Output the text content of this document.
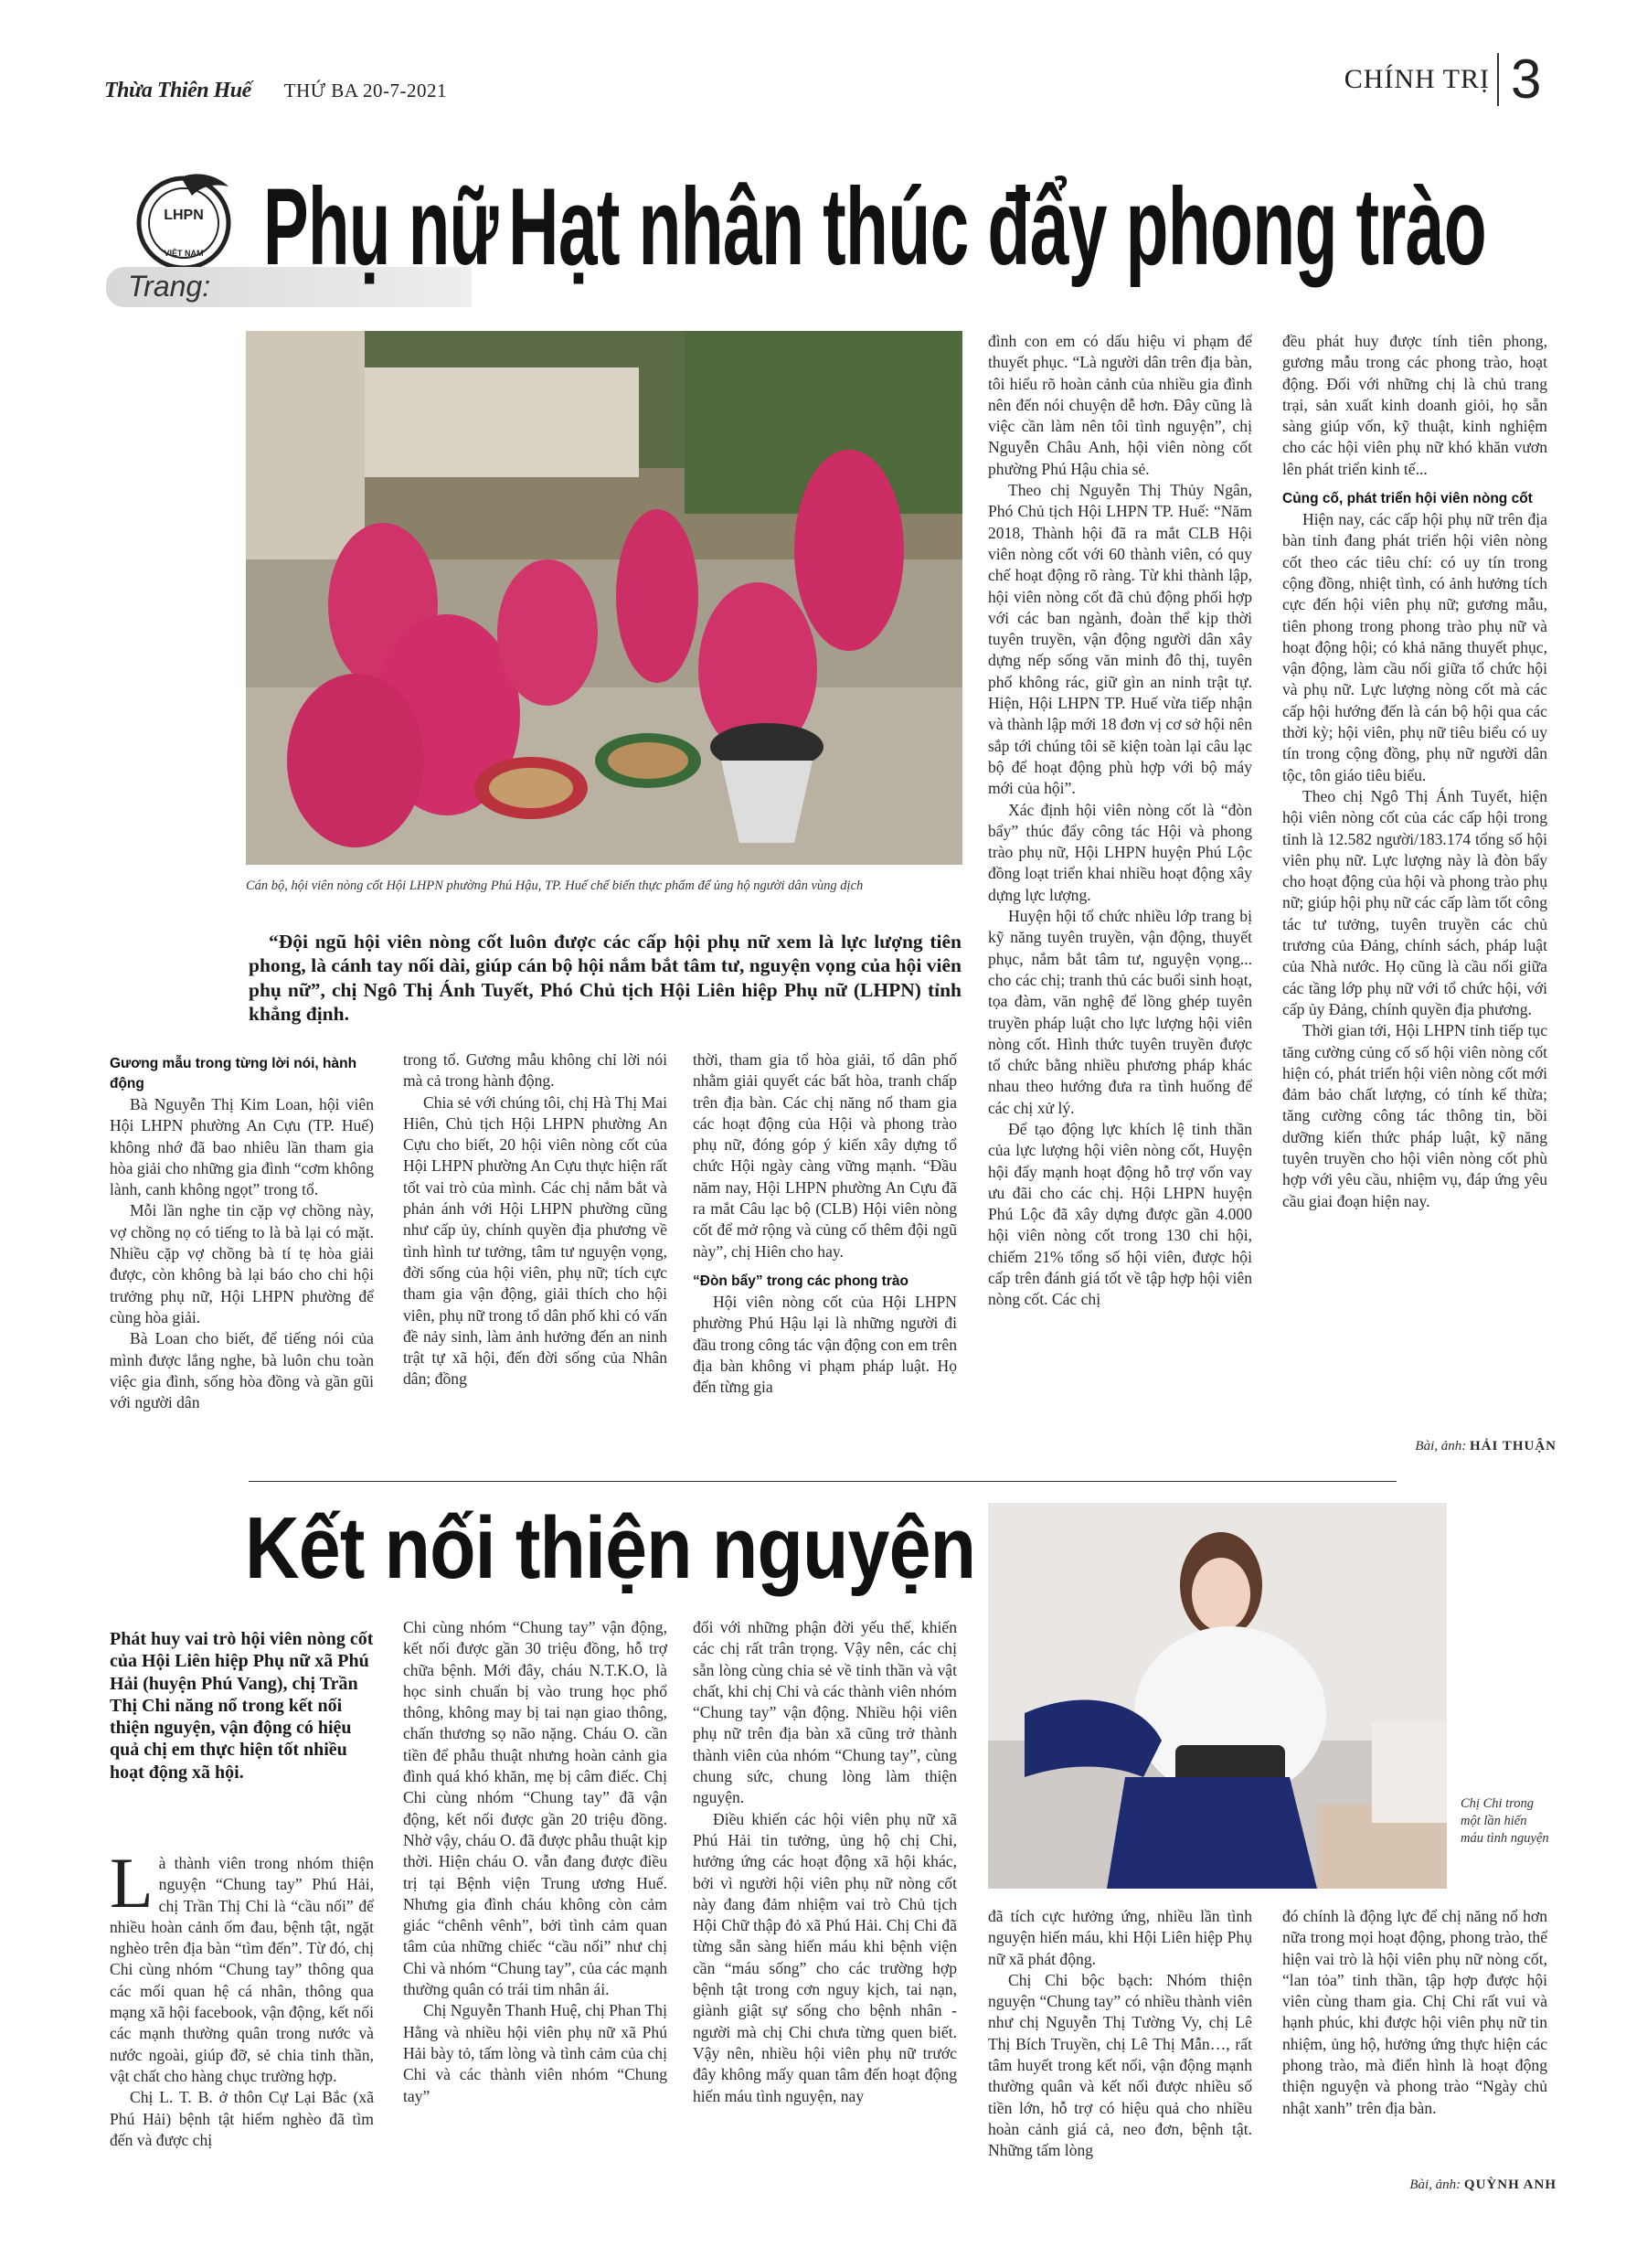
Thừa Thiên Huế THỨ BA 20-7-2021	CHÍNH TRỊ 3
LHPN
VIỆT NAM
Trang: Phụ nữ Hạt nhân thúc đẩy phong trào
Cán bộ, hội viên nòng cốt Hội LHPN phường Phú Hậu, TP. Huế chế biến thực phẩm để ủng hộ người dân vùng dịch
“Đội ngũ hội viên nòng cốt luôn được các cấp hội phụ nữ xem là lực lượng tiên phong, là cánh tay nối dài, giúp cán bộ hội nắm bắt tâm tư, nguyện vọng của hội viên phụ nữ”, chị Ngô Thị Ánh Tuyết, Phó Chủ tịch Hội Liên hiệp Phụ nữ (LHPN) tỉnh khẳng định.
Gương mẫu trong từng lời nói, hành động

Bà Nguyễn Thị Kim Loan, hội viên Hội LHPN phường An Cựu (TP. Huế) không nhớ đã bao nhiêu lần tham gia hòa giải cho những gia đình “cơm không lành, canh không ngọt” trong tổ.

Mỗi lần nghe tin cặp vợ chồng này, vợ chồng nọ có tiếng to là bà lại có mặt. Nhiều cặp vợ chồng bà tí tẹ hòa giải được, còn không bà lại báo cho chi hội trưởng phụ nữ, Hội LHPN phường để cùng hòa giải.

Bà Loan cho biết, để tiếng nói của mình được lắng nghe, bà luôn chu toàn việc gia đình, sống hòa đồng và gần gũi với người dân

trong tổ. Gương mẫu không chỉ lời nói mà cả trong hành động.

Chia sẻ với chúng tôi, chị Hà Thị Mai Hiên, Chủ tịch Hội LHPN phường An Cựu cho biết, 20 hội viên nòng cốt của Hội LHPN phường An Cựu thực hiện rất tốt vai trò của mình. Các chị nắm bắt và phản ánh với Hội LHPN phường cũng như cấp ủy, chính quyền địa phương về tình hình tư tưởng, tâm tư nguyện vọng, đời sống của hội viên, phụ nữ; tích cực tham gia vận động, giải thích cho hội viên, phụ nữ trong tổ dân phố khi có vấn đề nảy sinh, làm ảnh hưởng đến an ninh trật tự xã hội, đến đời sống của Nhân dân; đồng

thời, tham gia tổ hòa giải, tổ dân phố nhằm giải quyết các bất hòa, tranh chấp trên địa bàn. Các chị năng nổ tham gia các hoạt động của Hội và phong trào phụ nữ, đóng góp ý kiến xây dựng tổ chức Hội ngày càng vững mạnh. “Đầu năm nay, Hội LHPN phường An Cựu đã ra mắt Câu lạc bộ (CLB) Hội viên nòng cốt để mở rộng và củng cố thêm đội ngũ này”, chị Hiên cho hay.

“Đòn bẩy” trong các phong trào

Hội viên nòng cốt của Hội LHPN phường Phú Hậu lại là những người đi đầu trong công tác vận động con em trên địa bàn không vi phạm pháp luật. Họ đến từng gia

đình con em có dấu hiệu vi phạm để thuyết phục. “Là người dân trên địa bàn, tôi hiểu rõ hoàn cảnh của nhiều gia đình nên đến nói chuyện dễ hơn. Đây cũng là việc cần làm nên tôi tình nguyện”, chị Nguyễn Châu Anh, hội viên nòng cốt phường Phú Hậu chia sẻ.

Theo chị Nguyễn Thị Thủy Ngân, Phó Chủ tịch Hội LHPN TP. Huế: “Năm 2018, Thành hội đã ra mắt CLB Hội viên nòng cốt với 60 thành viên, có quy chế hoạt động rõ ràng. Từ khi thành lập, hội viên nòng cốt đã chủ động phối hợp với các ban ngành, đoàn thể kịp thời tuyên truyền, vận động người dân xây dựng nếp sống văn minh đô thị, tuyên phố không rác, giữ gìn an ninh trật tự. Hiện, Hội LHPN TP. Huế vừa tiếp nhận và thành lập mới 18 đơn vị cơ sở hội nên sắp tới chúng tôi sẽ kiện toàn lại câu lạc bộ để hoạt động phù hợp với bộ máy mới của hội”.

Xác định hội viên nòng cốt là “đòn bẩy” thúc đẩy công tác Hội và phong trào phụ nữ, Hội LHPN huyện Phú Lộc đồng loạt triển khai nhiều hoạt động xây dựng lực lượng.

Huyện hội tổ chức nhiều lớp trang bị kỹ năng tuyên truyền, vận động, thuyết phục, nắm bắt tâm tư, nguyện vọng... cho các chị; tranh thủ các buổi sinh hoạt, tọa đàm, văn nghệ để lồng ghép tuyên truyền pháp luật cho lực lượng hội viên nòng cốt. Hình thức tuyên truyền được tổ chức bằng nhiều phương pháp khác nhau theo hướng đưa ra tình huống để các chị xử lý.

Để tạo động lực khích lệ tinh thần của lực lượng hội viên nòng cốt, Huyện hội đẩy mạnh hoạt động hỗ trợ vốn vay ưu đãi cho các chị. Hội LHPN huyện Phú Lộc đã xây dựng được gần 4.000 hội viên nòng cốt trong 130 chi hội, chiếm 21% tổng số hội viên, được hội cấp trên đánh giá tốt về tập hợp hội viên nòng cốt. Các chị

đều phát huy được tính tiên phong, gương mẫu trong các phong trào, hoạt động. Đối với những chị là chủ trang trại, sản xuất kinh doanh giỏi, họ sẵn sàng giúp vốn, kỹ thuật, kinh nghiệm cho các hội viên phụ nữ khó khăn vươn lên phát triển kinh tế...

Củng cố, phát triển hội viên nòng cốt

Hiện nay, các cấp hội phụ nữ trên địa bàn tỉnh đang phát triển hội viên nòng cốt theo các tiêu chí: có uy tín trong cộng đồng, nhiệt tình, có ảnh hưởng tích cực đến hội viên phụ nữ; gương mẫu, tiên phong trong phong trào phụ nữ và hoạt động hội; có khả năng thuyết phục, vận động, làm cầu nối giữa tổ chức hội và phụ nữ. Lực lượng nòng cốt mà các cấp hội hướng đến là cán bộ hội qua các thời kỳ; hội viên, phụ nữ tiêu biểu có uy tín trong cộng đồng, phụ nữ người dân tộc, tôn giáo tiêu biểu.

Theo chị Ngô Thị Ánh Tuyết, hiện hội viên nòng cốt của các cấp hội trong tỉnh là 12.582 người/183.174 tổng số hội viên phụ nữ. Lực lượng này là đòn bẩy cho hoạt động của hội và phong trào phụ nữ; giúp hội phụ nữ các cấp làm tốt công tác tư tưởng, tuyên truyền các chủ trương của Đảng, chính sách, pháp luật của Nhà nước. Họ cũng là cầu nối giữa các tầng lớp phụ nữ với tổ chức hội, với cấp ủy Đảng, chính quyền địa phương.

Thời gian tới, Hội LHPN tỉnh tiếp tục tăng cường củng cố số hội viên nòng cốt hiện có, phát triển hội viên nòng cốt mới đảm bảo chất lượng, có tính kế thừa; tăng cường công tác thông tin, bồi dưỡng kiến thức pháp luật, kỹ năng tuyên truyền cho hội viên nòng cốt phù hợp với yêu cầu, nhiệm vụ, đáp ứng yêu cầu giai đoạn hiện nay.

Bài, ảnh: HẢI THUẬN
Kết nối thiện nguyện
Chị Chi trong một lần hiến máu tình nguyện
Phát huy vai trò hội viên nòng cốt của Hội Liên hiệp Phụ nữ xã Phú Hải (huyện Phú Vang), chị Trần Thị Chi năng nổ trong kết nối thiện nguyện, vận động có hiệu quả chị em thực hiện tốt nhiều hoạt động xã hội.

Là thành viên trong nhóm thiện nguyện “Chung tay” Phú Hải, chị Trần Thị Chi là “cầu nối” để nhiều hoàn cảnh ốm đau, bệnh tật, ngặt nghèo trên địa bàn “tìm đến”. Từ đó, chị Chi cùng nhóm “Chung tay” thông qua các mối quan hệ cá nhân, thông qua mạng xã hội facebook, vận động, kết nối các mạnh thường quân trong nước và nước ngoài, giúp đỡ, sẻ chia tinh thần, vật chất cho hàng chục trường hợp.

Chị L. T. B. ở thôn Cự Lại Bắc (xã Phú Hải) bệnh tật hiểm nghèo đã tìm đến và được chị

Chi cùng nhóm “Chung tay” vận động, kết nối được gần 30 triệu đồng, hỗ trợ chữa bệnh. Mới đây, cháu N.T.K.O, là học sinh chuẩn bị vào trung học phổ thông, không may bị tai nạn giao thông, chấn thương sọ não nặng. Cháu O. cần tiền để phẫu thuật nhưng hoàn cảnh gia đình quá khó khăn, mẹ bị câm điếc. Chị Chi cùng nhóm “Chung tay” đã vận động, kết nối được gần 20 triệu đồng. Nhờ vậy, cháu O. đã được phẫu thuật kịp thời. Hiện cháu O. vẫn đang được điều trị tại Bệnh viện Trung ương Huế. Nhưng gia đình cháu không còn cảm giác “chênh vênh”, bởi tình cảm quan tâm của những chiếc “cầu nối” như chị Chi và nhóm “Chung tay”, của các mạnh thường quân có trái tim nhân ái.

Chị Nguyễn Thanh Huệ, chị Phan Thị Hằng và nhiều hội viên phụ nữ xã Phú Hải bày tỏ, tấm lòng và tình cảm của chị Chi và các thành viên nhóm “Chung tay”

đối với những phận đời yếu thế, khiến các chị rất trân trọng. Vậy nên, các chị sẵn lòng cùng chia sẻ về tinh thần và vật chất, khi chị Chi và các thành viên nhóm “Chung tay” vận động. Nhiều hội viên phụ nữ trên địa bàn xã cũng trở thành thành viên của nhóm “Chung tay”, cùng chung sức, chung lòng làm thiện nguyện.

Điều khiến các hội viên phụ nữ xã Phú Hải tin tưởng, ủng hộ chị Chi, hưởng ứng các hoạt động xã hội khác, bởi vì người hội viên phụ nữ nòng cốt này đang đảm nhiệm vai trò Chủ tịch Hội Chữ thập đỏ xã Phú Hải. Chị Chi đã từng sẵn sàng hiến máu khi bệnh viện cần “máu sống” cho các trường hợp bệnh tật trong cơn nguy kịch, tai nạn, giành giật sự sống cho bệnh nhân - người mà chị Chi chưa từng quen biết. Vậy nên, nhiều hội viên phụ nữ trước đây không mấy quan tâm đến hoạt động hiến máu tình nguyện, nay

đã tích cực hưởng ứng, nhiều lần tình nguyện hiến máu, khi Hội Liên hiệp Phụ nữ xã phát động.

Chị Chi bộc bạch: Nhóm thiện nguyện “Chung tay” có nhiều thành viên như chị Nguyễn Thị Tường Vy, chị Lê Thị Bích Truyền, chị Lê Thị Mẫn…, rất tâm huyết trong kết nối, vận động mạnh thường quân và kết nối được nhiều số tiền lớn, hỗ trợ có hiệu quả cho nhiều hoàn cảnh giá cả, neo đơn, bệnh tật. Những tấm lòng

đó chính là động lực để chị năng nổ hơn nữa trong mọi hoạt động, phong trào, thể hiện vai trò là hội viên phụ nữ nòng cốt, “lan tỏa” tinh thần, tập hợp được hội viên cùng tham gia. Chị Chi rất vui và hạnh phúc, khi được hội viên phụ nữ tin nhiệm, ủng hộ, hưởng ứng thực hiện các phong trào, mà điển hình là hoạt động thiện nguyện và phong trào “Ngày chủ nhật xanh” trên địa bàn.

Bài, ảnh: QUỲNH ANH
